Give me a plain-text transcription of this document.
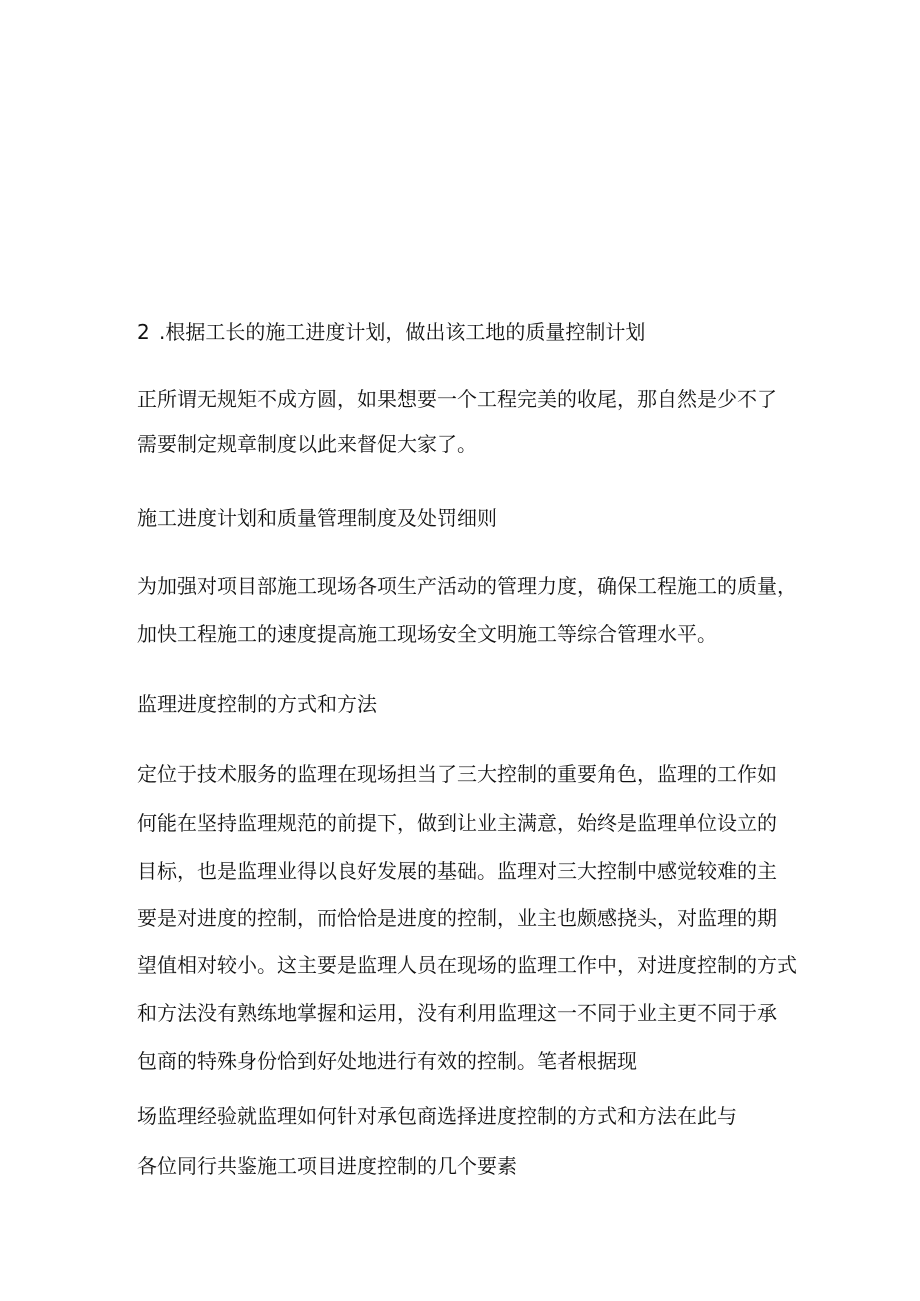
2 .根据工长的施工进度计划，做出该工地的质量控制计划
正所谓无规矩不成方圆，如果想要一个工程完美的收尾，那自然是少不了
需要制定规章制度以此来督促大家了。
施工进度计划和质量管理制度及处罚细则
为加强对项目部施工现场各项生产活动的管理力度，确保工程施工的质量，
加快工程施工的速度提高施工现场安全文明施工等综合管理水平。
监理进度控制的方式和方法
定位于技术服务的监理在现场担当了三大控制的重要角色，监理的工作如
何能在坚持监理规范的前提下，做到让业主满意，始终是监理单位设立的
目标，也是监理业得以良好发展的基础。监理对三大控制中感觉较难的主
要是对进度的控制，而恰恰是进度的控制，业主也颇感挠头，对监理的期
望值相对较小。这主要是监理人员在现场的监理工作中，对进度控制的方式
和方法没有熟练地掌握和运用，没有利用监理这一不同于业主更不同于承
包商的特殊身份恰到好处地进行有效的控制。笔者根据现
场监理经验就监理如何针对承包商选择进度控制的方式和方法在此与
各位同行共鉴施工项目进度控制的几个要素
